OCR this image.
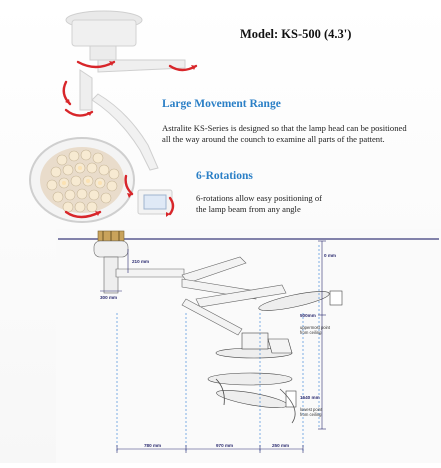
Model: KS-500 (4.3')
Large Movement Range
Astralite KS-Series is designed so that the lamp head can be positioned
all the way around the counch to examine all parts of the pattent.
6-Rotations
6-rotations allow easy positioning of
the lamp beam from any angle
210 mm
300 mm
0 mm
500mm
uppermost point
from ceiling
1640 mm
lowest point
from ceiling
780 mm	970 mm	250 mm
